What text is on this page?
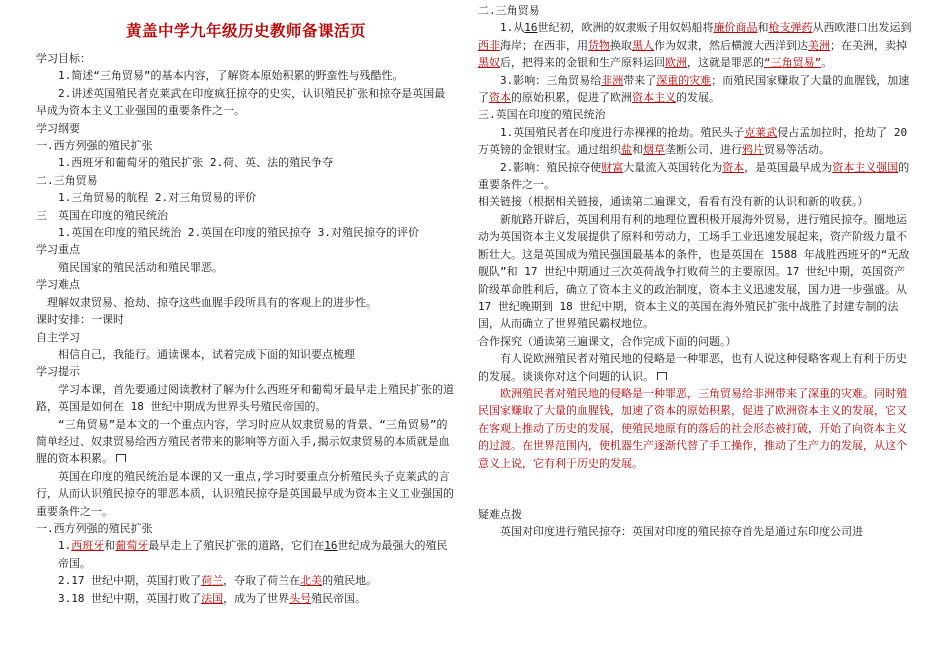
黄盖中学九年级历史教师备课活页

学习目标：

1.简述“三角贸易”的基本内容，了解资本原始积累的野蛮性与残酷性。

2.讲述英国殖民者克莱武在印度疯狂掠夺的史实，认识殖民扩张和掠夺是英国最早成为资本主义工业强国的重要条件之一。

学习纲要

一.西方列强的殖民扩张

1.西班牙和葡萄牙的殖民扩张 2.荷、英、法的殖民争夺

二.三角贸易

1.三角贸易的航程 2.对三角贸易的评价

三　英国在印度的殖民统治

1.英国在印度的殖民统治 2.英国在印度的殖民掠夺 3.对殖民掠夺的评价

学习重点

殖民国家的殖民活动和殖民罪恶。

学习难点

理解奴隶贸易、抢劫、掠夺这些血腥手段所具有的客观上的进步性。

课时安排：一课时

自主学习

相信自己，我能行。通读课本，试着完成下面的知识要点梳理

学习提示

学习本课，首先要通过阅读教材了解为什么西班牙和葡萄牙最早走上殖民扩张的道路，英国是如何在 18 世纪中期成为世界头号殖民帝国的。

“三角贸易”是本文的一个重点内容，学习时应从奴隶贸易的背景、“三角贸易”的简单经过、奴隶贸易给西方殖民者带来的影响等方面入手,揭示奴隶贸易的本质就是血腥的资本积累。

英国在印度的殖民统治是本课的又一重点,学习时要重点分析殖民头子克莱武的言行，从而认识殖民掠夺的罪恶本质，认识殖民掠夺是英国最早成为资本主义工业强国的重要条件之一。

一.西方列强的殖民扩张

1.西班牙和葡萄牙最早走上了殖民扩张的道路，它们在16世纪成为最强大的殖民帝国。

2.17 世纪中期，英国打败了荷兰，夺取了荷兰在北美的殖民地。

3.18 世纪中期，英国打败了法国，成为了世界头号殖民帝国。

二.三角贸易

1.从16世纪初，欧洲的奴隶贩子用奴妈船将廉价商品和枪支弹药从西欧港口出发运到西非海岸；在西非，用货物换取黑人作为奴隶，然后横渡大西洋到达美洲；在美洲，卖掉黑奴后，把得来的金银和生产原料运回欧洲，这就是罪恶的“三角贸易”。

3.影响：三角贸易给非洲带来了深重的灾难；而殖民国家赚取了大量的血腥钱，加速了资本的原始积累，促进了欧洲资本主义的发展。

三.英国在印度的殖民统治

1.英国殖民者在印度进行赤裸裸的抢劫。殖民头子克莱武侵占孟加拉时，抢劫了 20 万英镑的金银财宝。通过组织盐和烟草垄断公司、进行鸦片贸易等活动。

2.影响：殖民掠夺使财富大量流入英国转化为资本，是英国最早成为资本主义强国的重要条件之一。

相关链接（根据相关链接，通读第二遍课文，看看有没有新的认识和新的收获。）

新航路开辟后，英国利用有利的地理位置积极开展海外贸易，进行殖民掠夺。圈地运动为英国资本主义发展提供了原料和劳动力，工场手工业迅速发展起来，资产阶级力量不断壮大。这是英国成为殖民强国最基本的条件，也是英国在 1588 年战胜西班牙的“无敌舰队”和 17 世纪中期通过三次英荷战争打败荷兰的主要原因。17 世纪中期，英国资产阶级革命胜利后，确立了资本主义的政治制度，资本主义迅速发展，国力进一步强盛。从 17 世纪晚期到 18 世纪中期，资本主义的英国在海外殖民扩张中战胜了封建专制的法国，从而确立了世界殖民霸权地位。

合作探究（通读第三遍课文，合作完成下面的问题。）

有人说欧洲殖民者对殖民地的侵略是一种罪恶，也有人说这种侵略客观上有利于历史的发展。谈谈你对这个问题的认识。

欧洲殖民者对殖民地的侵略是一种罪恶，三角贸易给非洲带来了深重的灾难。同时殖民国家赚取了大量的血腥钱，加速了资本的原始积累，促进了欧洲资本主义的发展，它又在客观上推动了历史的发展，使殖民地原有的落后的社会形态被打破，开始了向资本主义的过渡。在世界范围内，使机器生产逐渐代替了手工操作，推动了生产力的发展，从这个意义上说，它有利于历史的发展。

疑难点拨

英国对印度进行殖民掠夺：英国对印度的殖民掠夺首先是通过东印度公司进
